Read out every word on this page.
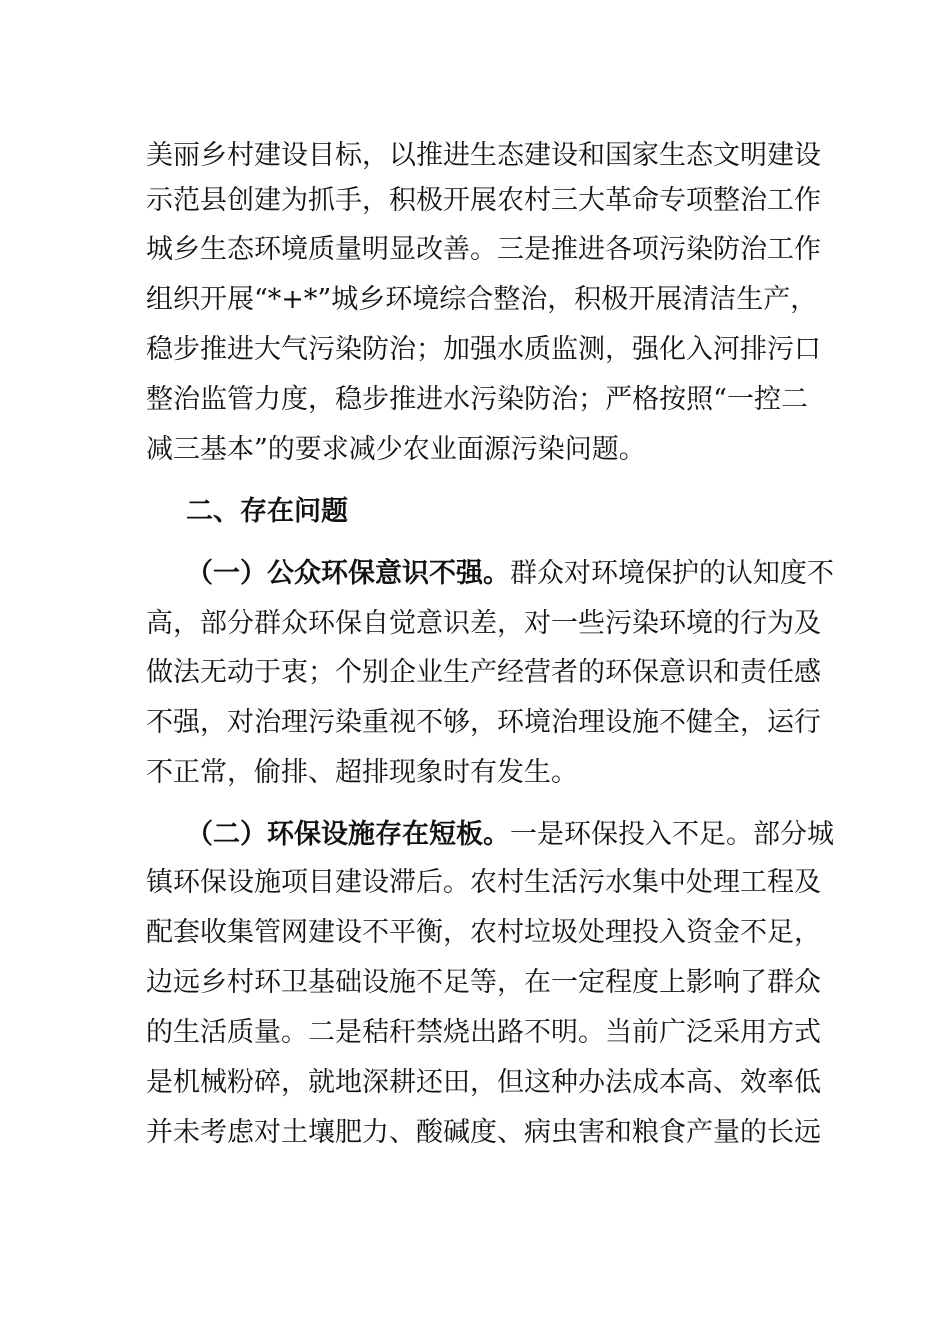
美丽乡村建设目标，以推进生态建设和国家生态文明建设
示范县创建为抓手，积极开展农村三大革命专项整治工作
城乡生态环境质量明显改善。三是推进各项污染防治工作
组织开展“*+*”城乡环境综合整治，积极开展清洁生产，
稳步推进大气污染防治；加强水质监测，强化入河排污口
整治监管力度，稳步推进水污染防治；严格按照“一控二
减三基本”的要求减少农业面源污染问题。
二、存在问题
（一）公众环保意识不强。群众对环境保护的认知度不
高，部分群众环保自觉意识差，对一些污染环境的行为及
做法无动于衷；个别企业生产经营者的环保意识和责任感
不强，对治理污染重视不够，环境治理设施不健全，运行
不正常，偷排、超排现象时有发生。
（二）环保设施存在短板。一是环保投入不足。部分城
镇环保设施项目建设滞后。农村生活污水集中处理工程及
配套收集管网建设不平衡，农村垃圾处理投入资金不足，
边远乡村环卫基础设施不足等，在一定程度上影响了群众
的生活质量。二是秸秆禁烧出路不明。当前广泛采用方式
是机械粉碎，就地深耕还田，但这种办法成本高、效率低
并未考虑对土壤肥力、酸碱度、病虫害和粮食产量的长远
